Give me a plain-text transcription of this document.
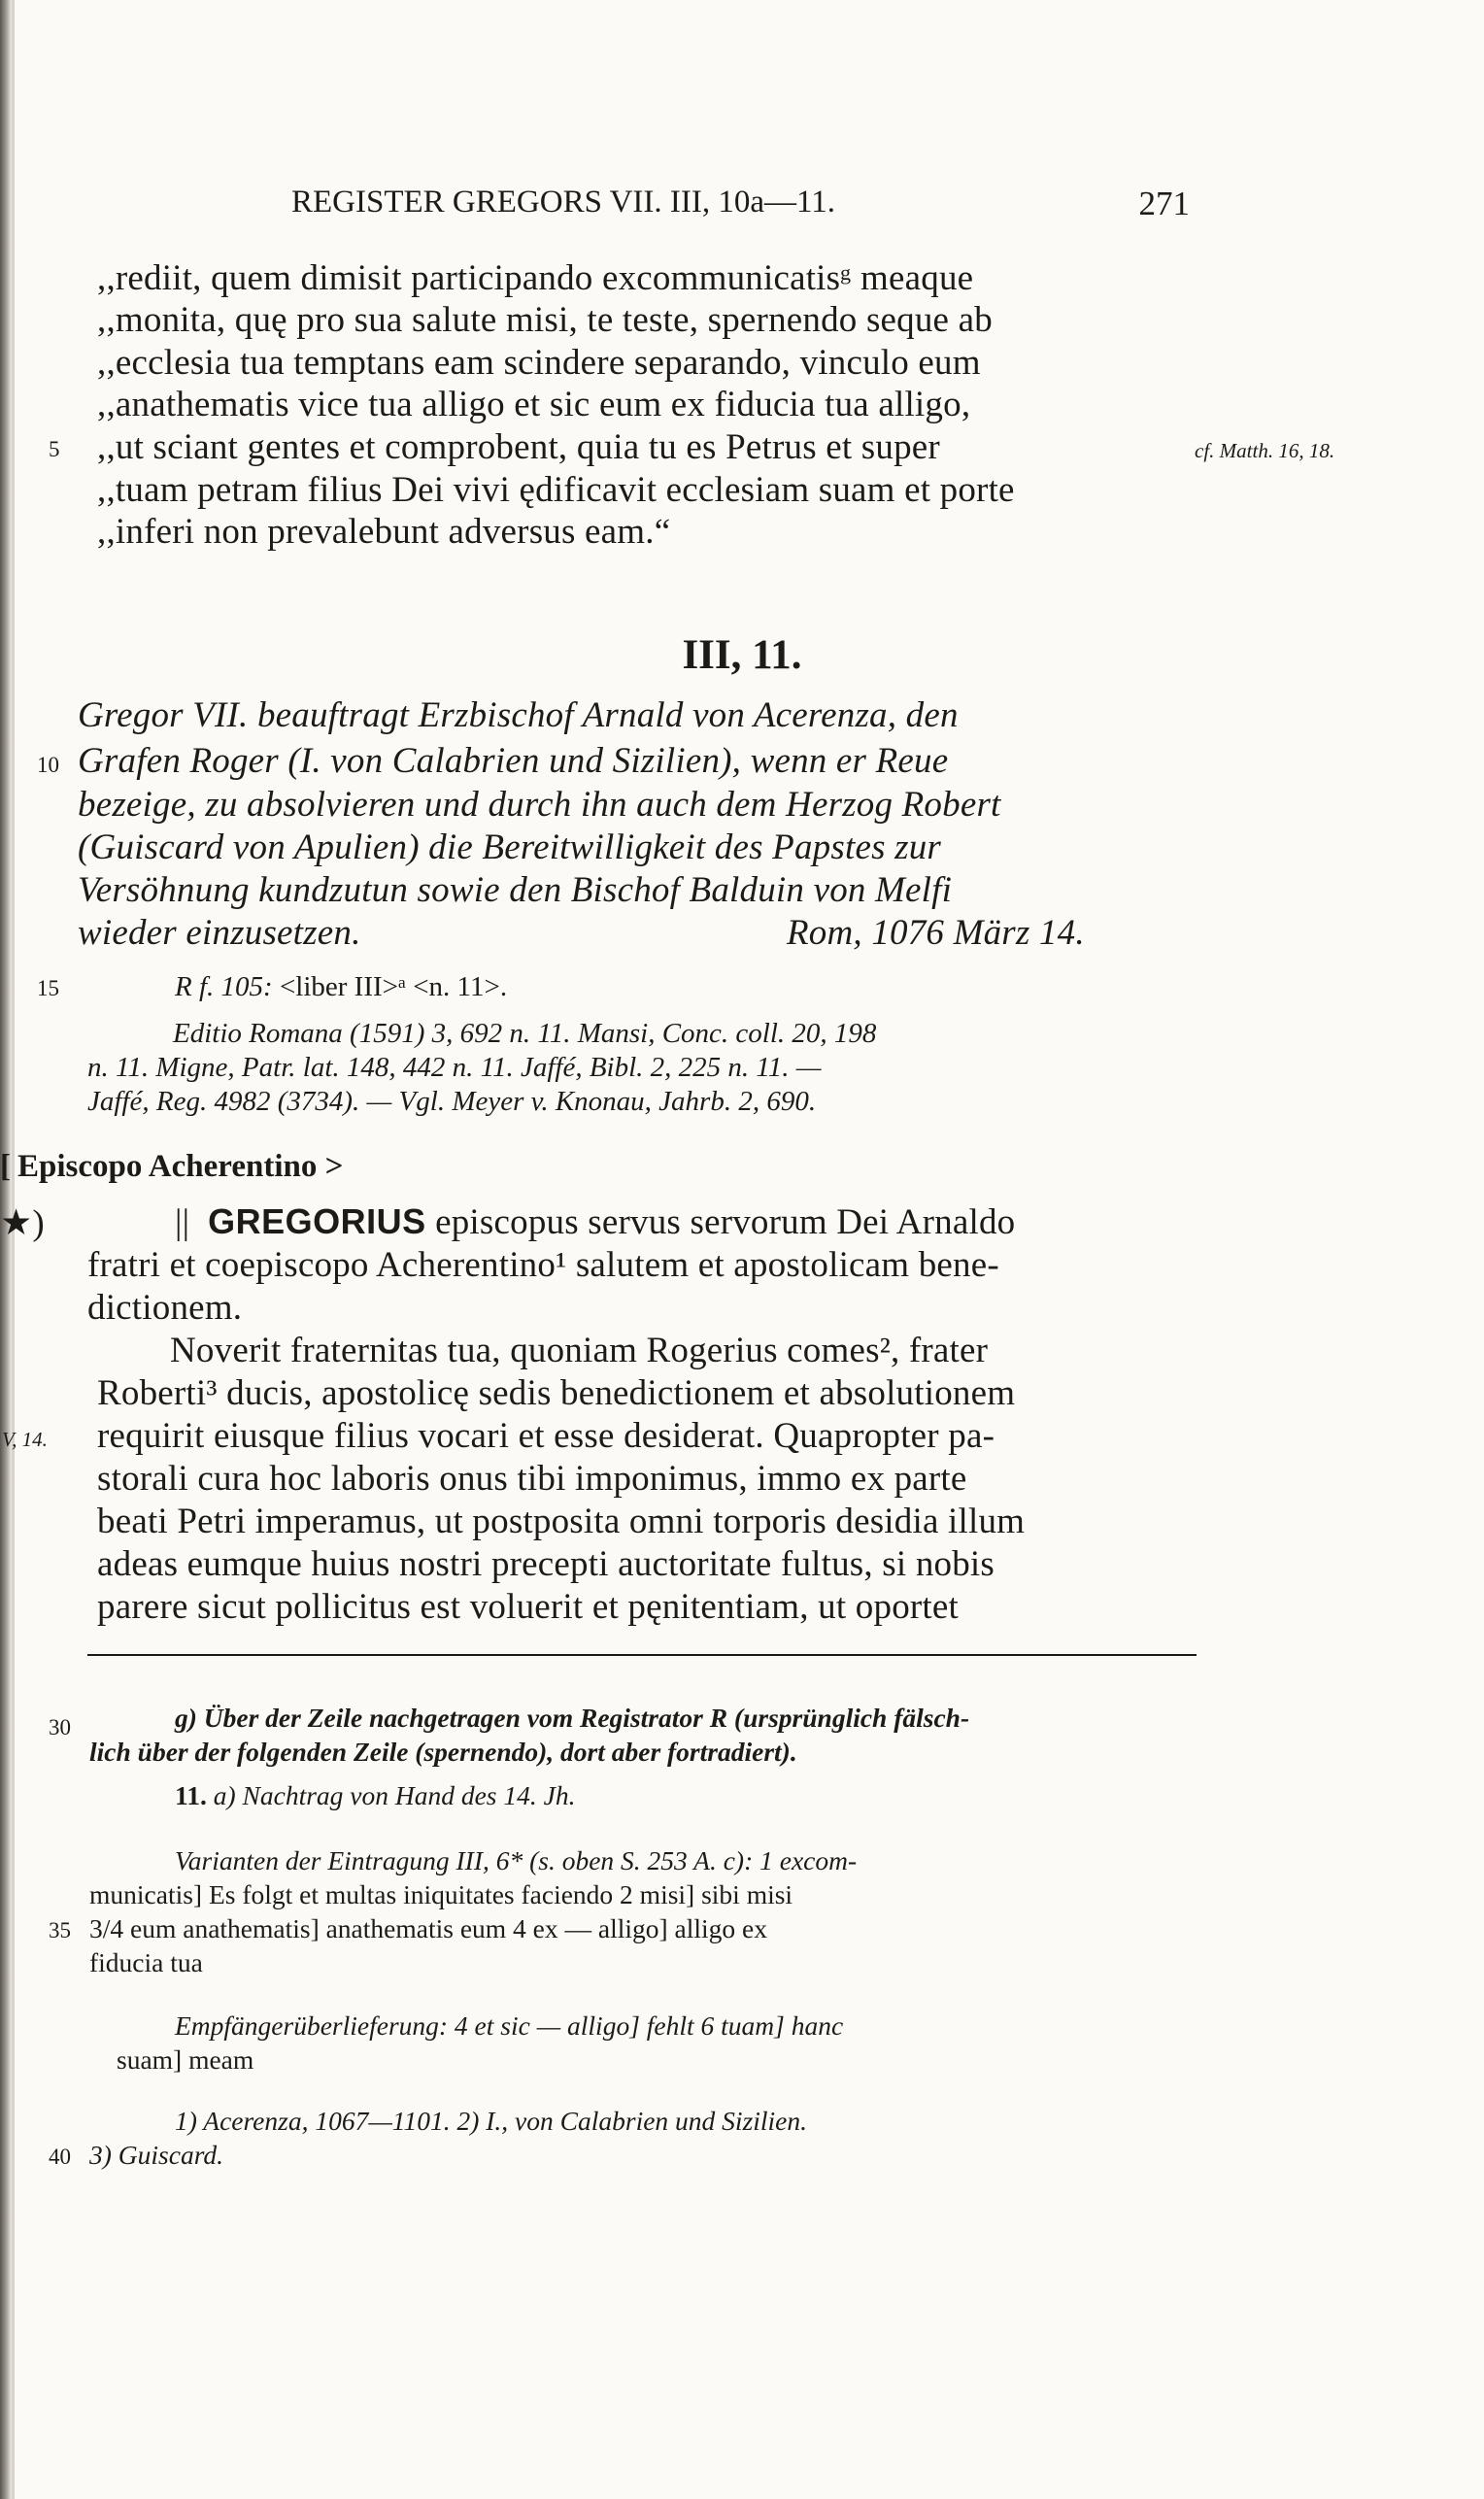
REGISTER GREGORS VII. III, 10a—11.	271
,,rediit, quem dimisit participando excommunicatisᵍ meaque
,,monita, quę pro sua salute misi, te teste, spernendo seque ab
,,ecclesia tua temptans eam scindere separando, vinculo eum
,,anathematis vice tua alligo et sic eum ex fiducia tua alligo,
5 ,,ut sciant gentes et comprobent, quia tu es Petrus et super	cf. Matth. 16, 18.
,,tuam petram filius Dei vivi ędificavit ecclesiam suam et porte
,,inferi non prevalebunt adversus eam.“
III, 11.
Gregor VII. beauftragt Erzbischof Arnald von Acerenza, den
10 Grafen Roger (I. von Calabrien und Sizilien), wenn er Reue
bezeige, zu absolvieren und durch ihn auch dem Herzog Robert
(Guiscard von Apulien) die Bereitwilligkeit des Papstes zur
Versöhnung kundzutun sowie den Bischof Balduin von Melfi
wieder einzusetzen.	Rom, 1076 März 14.
15	R f. 105: <liber III>ᵃ <n. 11>.
Editio Romana (1591) 3, 692 n. 11. Mansi, Conc. coll. 20, 198
n. 11. Migne, Patr. lat. 148, 442 n. 11. Jaffé, Bibl. 2, 225 n. 11. —
Jaffé, Reg. 4982 (3734). — Vgl. Meyer v. Knonau, Jahrb. 2, 690.
[ Episcopo Acherentino >
★)	|| GREGORIUS episcopus servus servorum Dei Arnaldo
fratri et coepiscopo Acherentino¹ salutem et apostolicam bene-
dictionem.
Noverit fraternitas tua, quoniam Rogerius comes², frater
Roberti³ ducis, apostolicę sedis benedictionem et absolutionem
V, 14. requirit eiusque filius vocari et esse desiderat. Quapropter pa-
storali cura hoc laboris onus tibi imponimus, immo ex parte
beati Petri imperamus, ut postposita omni torporis desidia illum
adeas eumque huius nostri precepti auctoritate fultus, si nobis
parere sicut pollicitus est voluerit et pęnitentiam, ut oportet
30	g) Über der Zeile nachgetragen vom Registrator R (ursprünglich fälsch-
lich über der folgenden Zeile (spernendo), dort aber fortradiert).
11. a) Nachtrag von Hand des 14. Jh.
Varianten der Eintragung III, 6* (s. oben S. 253 A. c): 1 excom-
municatis] Es folgt et multas iniquitates faciendo 2 misi] sibi misi
35 3/4 eum anathematis] anathematis eum 4 ex — alligo] alligo ex
fiducia tua
Empfängerüberlieferung: 4 et sic — alligo] fehlt 6 tuam] hanc
suam] meam
1) Acerenza, 1067—1101. 2) I., von Calabrien und Sizilien.
40 3) Guiscard.
